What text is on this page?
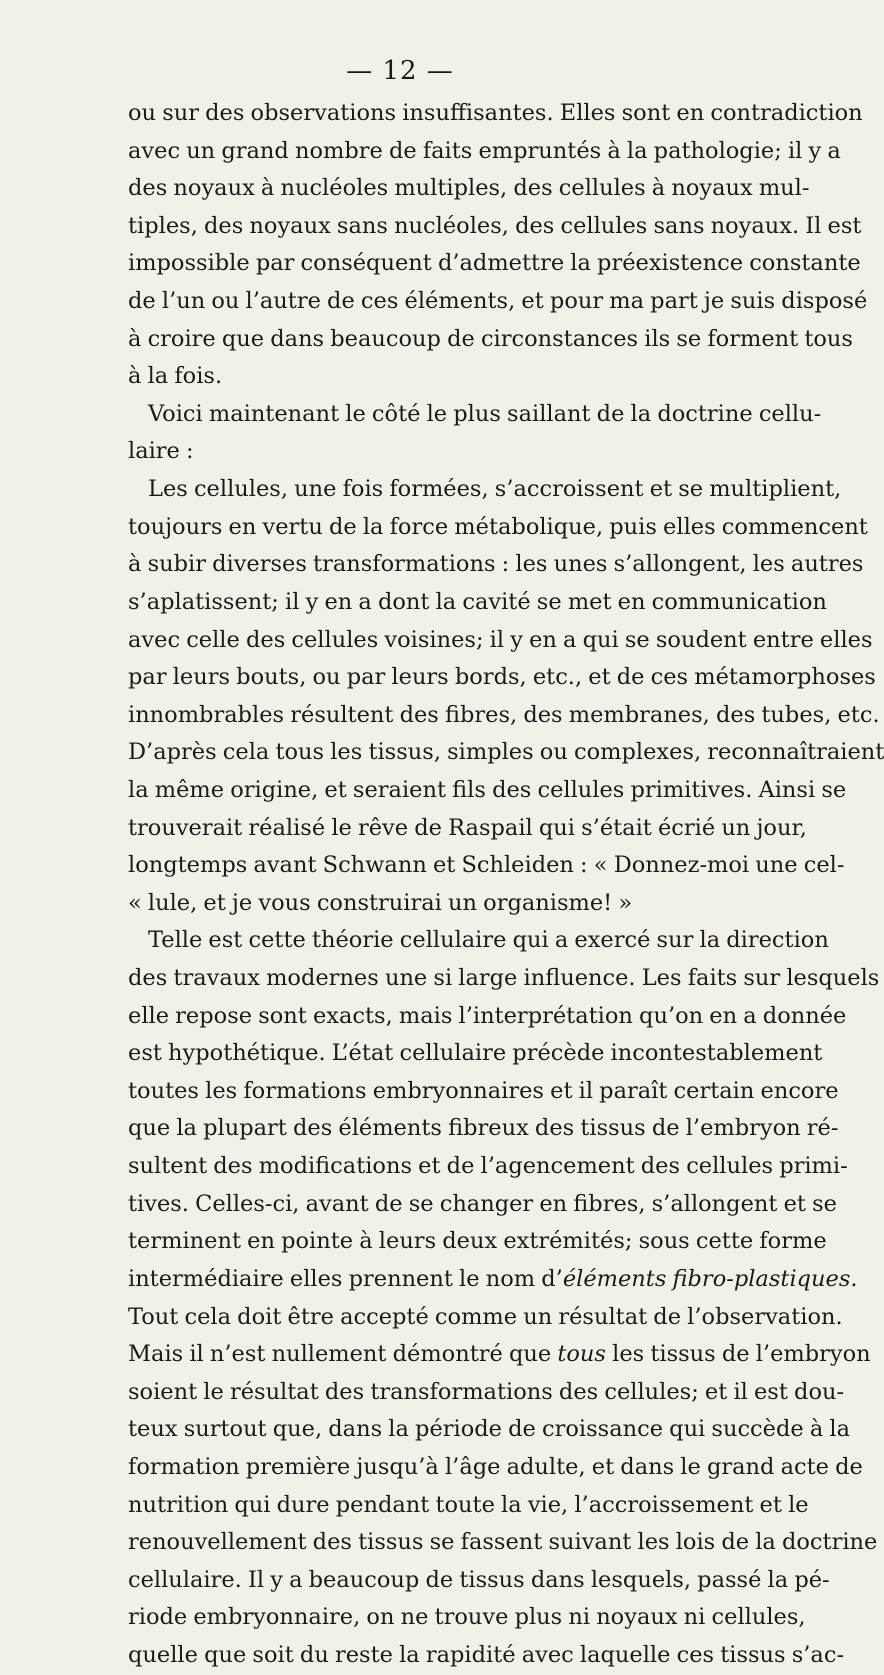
— 12 —
ou sur des observations insuffisantes. Elles sont en contradiction
avec un grand nombre de faits empruntés à la pathologie; il y a
des noyaux à nucléoles multiples, des cellules à noyaux mul-
tiples, des noyaux sans nucléoles, des cellules sans noyaux. Il est
impossible par conséquent d’admettre la préexistence constante
de l’un ou l’autre de ces éléments, et pour ma part je suis disposé
à croire que dans beaucoup de circonstances ils se forment tous
à la fois.
Voici maintenant le côté le plus saillant de la doctrine cellu-
laire :
Les cellules, une fois formées, s’accroissent et se multiplient,
toujours en vertu de la force métabolique, puis elles commencent
à subir diverses transformations : les unes s’allongent, les autres
s’aplatissent; il y en a dont la cavité se met en communication
avec celle des cellules voisines; il y en a qui se soudent entre elles
par leurs bouts, ou par leurs bords, etc., et de ces métamorphoses
innombrables résultent des fibres, des membranes, des tubes, etc.
D’après cela tous les tissus, simples ou complexes, reconnaîtraient
la même origine, et seraient fils des cellules primitives. Ainsi se
trouverait réalisé le rêve de Raspail qui s’était écrié un jour,
longtemps avant Schwann et Schleiden : « Donnez-moi une cel-
« lule, et je vous construirai un organisme! »
Telle est cette théorie cellulaire qui a exercé sur la direction
des travaux modernes une si large influence. Les faits sur lesquels
elle repose sont exacts, mais l’interprétation qu’on en a donnée
est hypothétique. L’état cellulaire précède incontestablement
toutes les formations embryonnaires et il paraît certain encore
que la plupart des éléments fibreux des tissus de l’embryon ré-
sultent des modifications et de l’agencement des cellules primi-
tives. Celles-ci, avant de se changer en fibres, s’allongent et se
terminent en pointe à leurs deux extrémités; sous cette forme
intermédiaire elles prennent le nom d’éléments fibro-plastiques.
Tout cela doit être accepté comme un résultat de l’observation.
Mais il n’est nullement démontré que tous les tissus de l’embryon
soient le résultat des transformations des cellules; et il est dou-
teux surtout que, dans la période de croissance qui succède à la
formation première jusqu’à l’âge adulte, et dans le grand acte de
nutrition qui dure pendant toute la vie, l’accroissement et le
renouvellement des tissus se fassent suivant les lois de la doctrine
cellulaire. Il y a beaucoup de tissus dans lesquels, passé la pé-
riode embryonnaire, on ne trouve plus ni noyaux ni cellules,
quelle que soit du reste la rapidité avec laquelle ces tissus s’ac-
